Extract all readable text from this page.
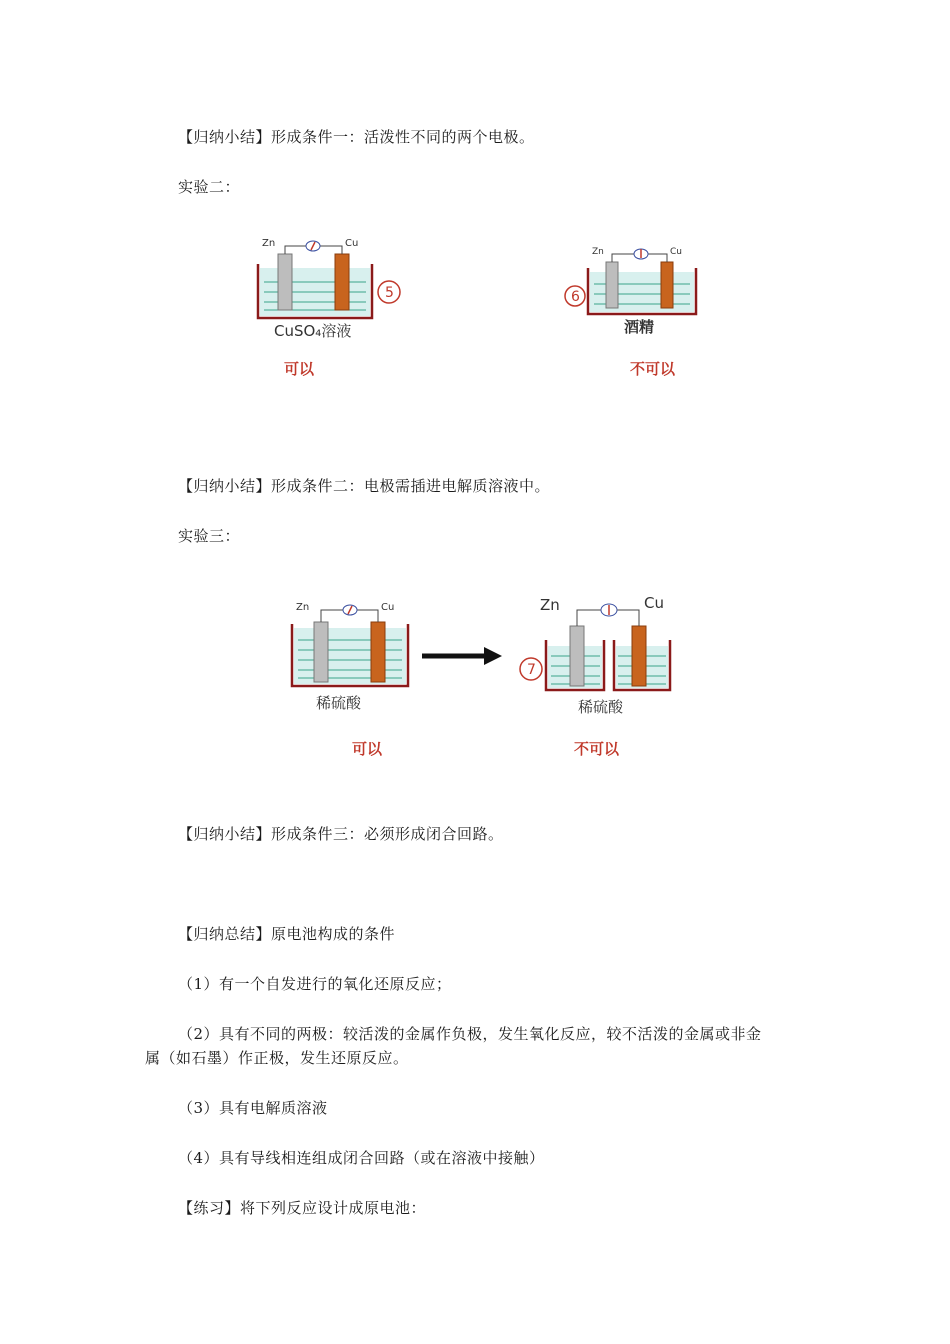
【归纳小结】形成条件一：活泼性不同的两个电极。
实验二：
Zn	Cu
5
CuSO₄溶液
可以
Zn	Cu
6
酒精
不可以
【归纳小结】形成条件二：电极需插进电解质溶液中。
实验三：
Zn	Cu
稀硫酸
可以
Zn	Cu
7
稀硫酸
不可以
【归纳小结】形成条件三：必须形成闭合回路。
【归纳总结】原电池构成的条件
（1）有一个自发进行的氧化还原反应；
（2）具有不同的两极：较活泼的金属作负极，发生氧化反应，较不活泼的金属或非金
属（如石墨）作正极，发生还原反应。
（3）具有电解质溶液
（4）具有导线相连组成闭合回路（或在溶液中接触）
【练习】将下列反应设计成原电池：
